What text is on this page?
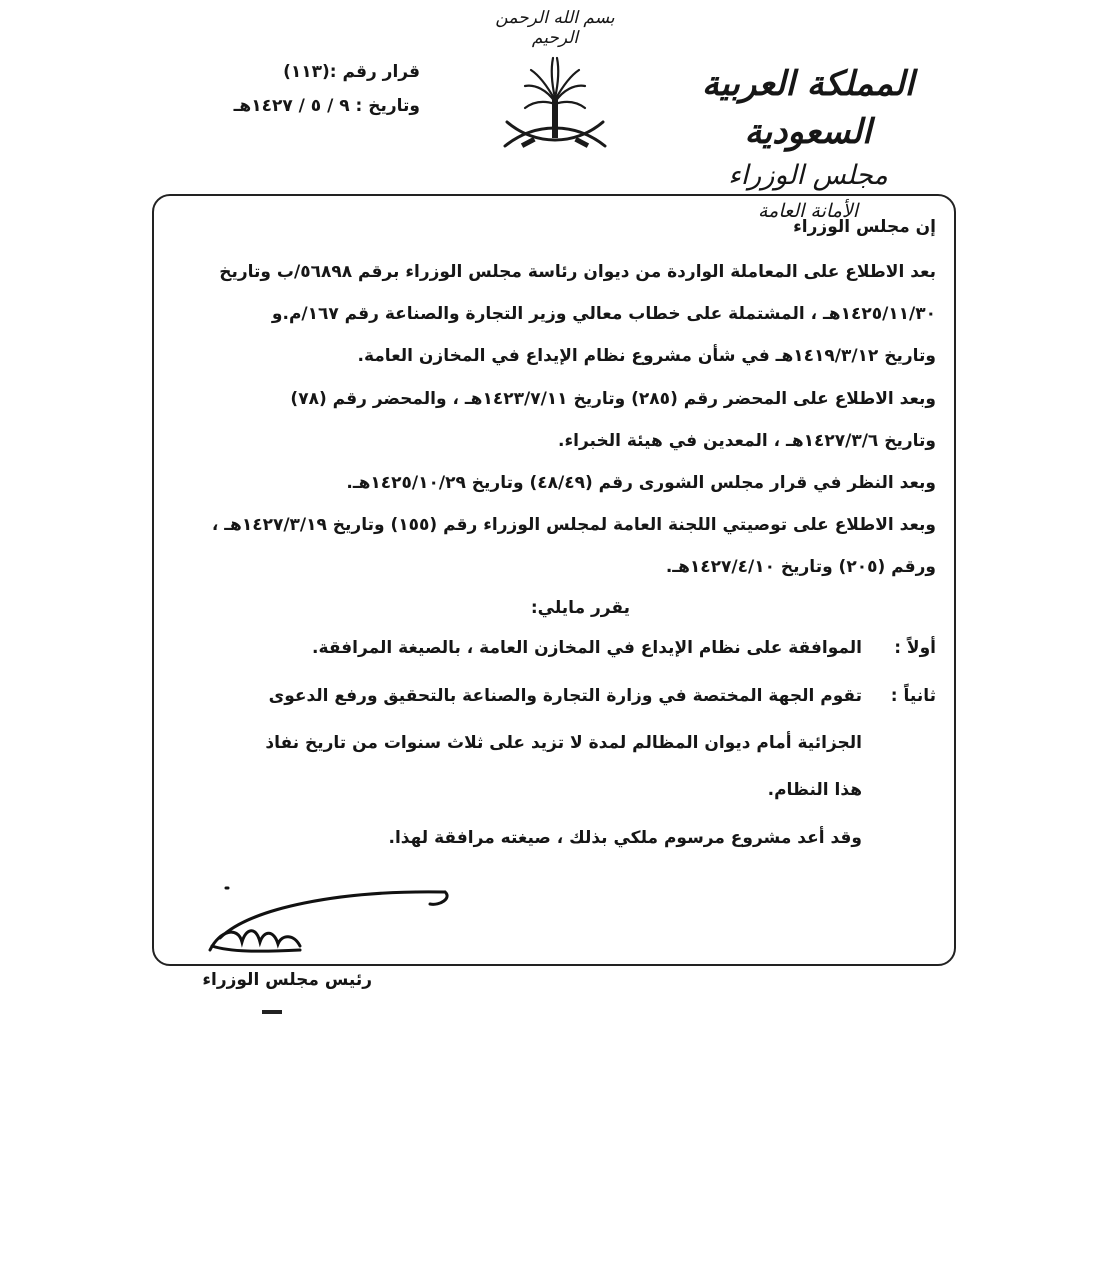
بسم الله الرحمن الرحيم
المملكة العربية السعودية
مجلس الوزراء
الأمانة العامة
قرار رقم :(١١٣)
وتاريخ : ٩ / ٥ / ١٤٢٧هـ
إن مجلس الوزراء
بعد الاطلاع على المعاملة الواردة من ديوان رئاسة مجلس الوزراء برقم ٥٦٨٩٨/ب وتاريخ
١٤٢٥/١١/٣٠هـ ، المشتملة على خطاب معالي وزير التجارة والصناعة رقم ١٦٧/م.و
وتاريخ ١٤١٩/٣/١٢هـ في شأن مشروع نظام الإيداع في المخازن العامة.
وبعد الاطلاع على المحضر رقم (٢٨٥) وتاريخ ١٤٢٣/٧/١١هـ ، والمحضر رقم (٧٨)
وتاريخ ١٤٢٧/٣/٦هـ ، المعدين في هيئة الخبراء.
وبعد النظر في قرار مجلس الشورى رقم (٤٨/٤٩) وتاريخ ١٤٢٥/١٠/٢٩هـ.
وبعد الاطلاع على توصيتي اللجنة العامة لمجلس الوزراء رقم (١٥٥) وتاريخ ١٤٢٧/٣/١٩هـ ،
ورقم (٢٠٥) وتاريخ ١٤٢٧/٤/١٠هـ.
يقرر مايلي:
أولاً :
الموافقة على نظام الإيداع في المخازن العامة ، بالصيغة المرافقة.
ثانياً :
تقوم الجهة المختصة في وزارة التجارة والصناعة بالتحقيق ورفع الدعوى
الجزائية أمام ديوان المظالم لمدة لا تزيد على ثلاث سنوات من تاريخ نفاذ
هذا النظام.
وقد أعد مشروع مرسوم ملكي بذلك ، صيغته مرافقة لهذا.
رئيس مجلس الوزراء
